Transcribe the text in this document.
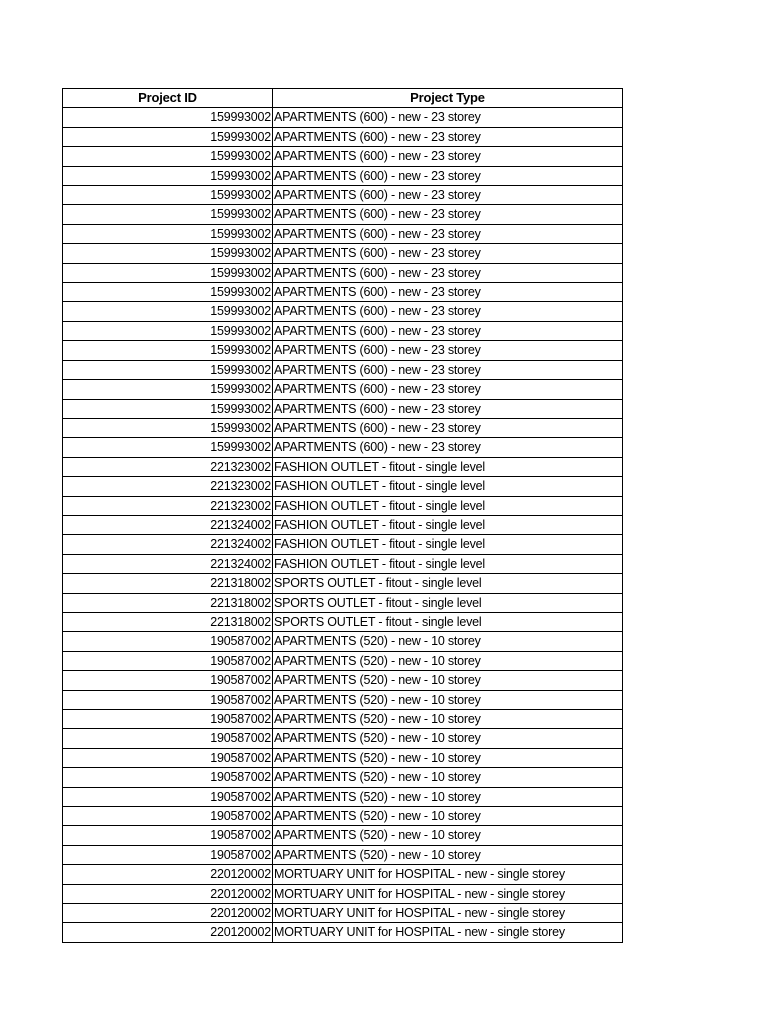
Project ID	Project Type
159993002	APARTMENTS (600) - new - 23 storey
159993002	APARTMENTS (600) - new - 23 storey
159993002	APARTMENTS (600) - new - 23 storey
159993002	APARTMENTS (600) - new - 23 storey
159993002	APARTMENTS (600) - new - 23 storey
159993002	APARTMENTS (600) - new - 23 storey
159993002	APARTMENTS (600) - new - 23 storey
159993002	APARTMENTS (600) - new - 23 storey
159993002	APARTMENTS (600) - new - 23 storey
159993002	APARTMENTS (600) - new - 23 storey
159993002	APARTMENTS (600) - new - 23 storey
159993002	APARTMENTS (600) - new - 23 storey
159993002	APARTMENTS (600) - new - 23 storey
159993002	APARTMENTS (600) - new - 23 storey
159993002	APARTMENTS (600) - new - 23 storey
159993002	APARTMENTS (600) - new - 23 storey
159993002	APARTMENTS (600) - new - 23 storey
159993002	APARTMENTS (600) - new - 23 storey
221323002	FASHION OUTLET - fitout - single level
221323002	FASHION OUTLET - fitout - single level
221323002	FASHION OUTLET - fitout - single level
221324002	FASHION OUTLET - fitout - single level
221324002	FASHION OUTLET - fitout - single level
221324002	FASHION OUTLET - fitout - single level
221318002	SPORTS OUTLET - fitout - single level
221318002	SPORTS OUTLET - fitout - single level
221318002	SPORTS OUTLET - fitout - single level
190587002	APARTMENTS (520) - new - 10 storey
190587002	APARTMENTS (520) - new - 10 storey
190587002	APARTMENTS (520) - new - 10 storey
190587002	APARTMENTS (520) - new - 10 storey
190587002	APARTMENTS (520) - new - 10 storey
190587002	APARTMENTS (520) - new - 10 storey
190587002	APARTMENTS (520) - new - 10 storey
190587002	APARTMENTS (520) - new - 10 storey
190587002	APARTMENTS (520) - new - 10 storey
190587002	APARTMENTS (520) - new - 10 storey
190587002	APARTMENTS (520) - new - 10 storey
190587002	APARTMENTS (520) - new - 10 storey
220120002	MORTUARY UNIT for HOSPITAL - new - single storey
220120002	MORTUARY UNIT for HOSPITAL - new - single storey
220120002	MORTUARY UNIT for HOSPITAL - new - single storey
220120002	MORTUARY UNIT for HOSPITAL - new - single storey
